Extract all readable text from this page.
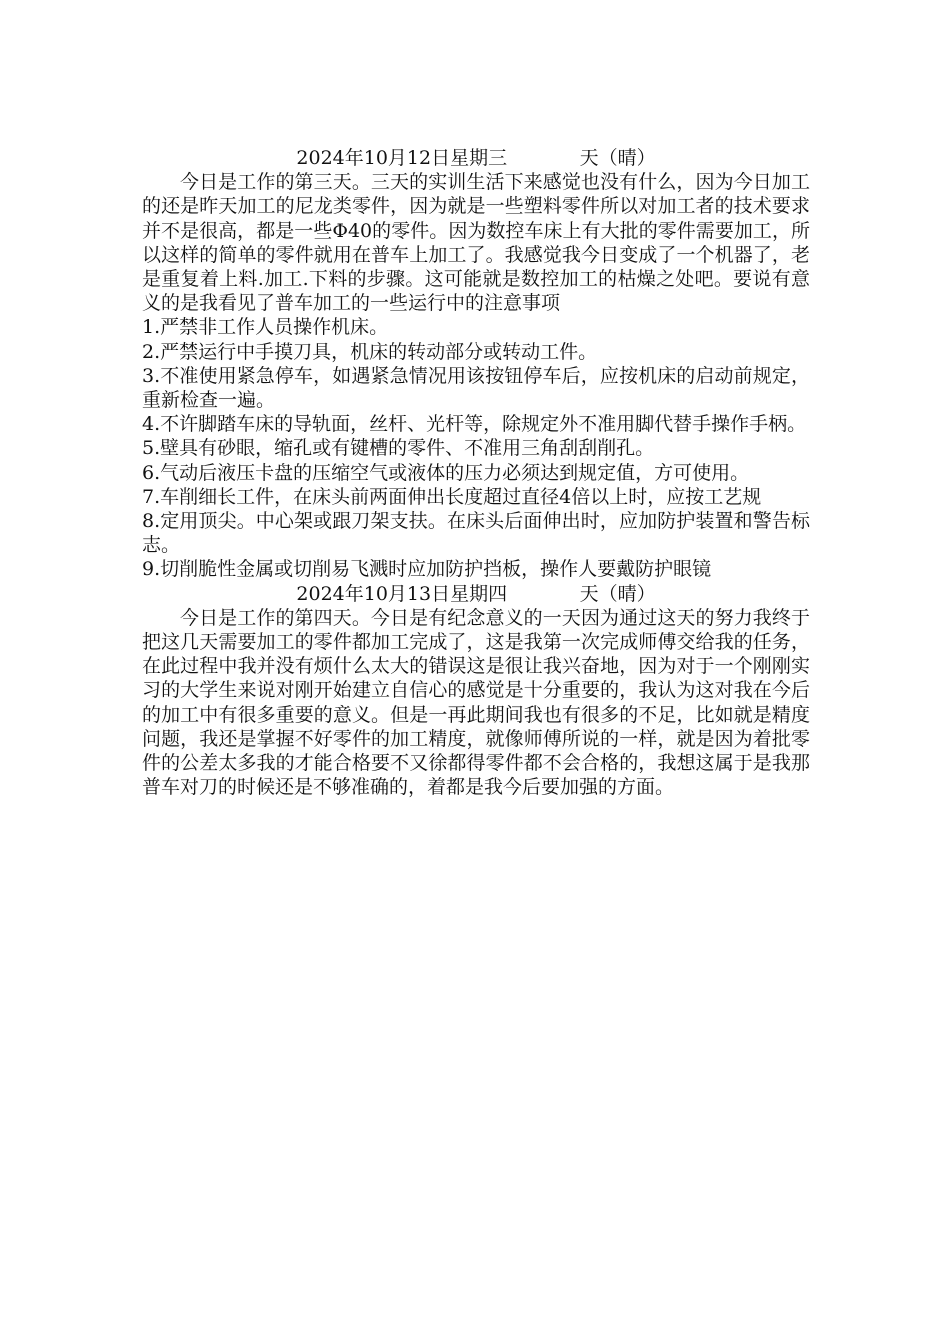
2024年10月12日星期三            天（晴）

今日是工作的第三天。三天的实训生活下来感觉也没有什么，因为今日加工的还是昨天加工的尼龙类零件，因为就是一些塑料零件所以对加工者的技术要求并不是很高，都是一些Φ40的零件。因为数控车床上有大批的零件需要加工，所以这样的简单的零件就用在普车上加工了。我感觉我今日变成了一个机器了，老是重复着上料.加工.下料的步骤。这可能就是数控加工的枯燥之处吧。要说有意义的是我看见了普车加工的一些运行中的注意事项

1.严禁非工作人员操作机床。

2.严禁运行中手摸刀具，机床的转动部分或转动工件。

3.不准使用紧急停车，如遇紧急情况用该按钮停车后，应按机床的启动前规定，重新检查一遍。

4.不许脚踏车床的导轨面，丝杆、光杆等，除规定外不准用脚代替手操作手柄。

5.壁具有砂眼，缩孔或有键槽的零件、不准用三角刮刮削孔。

6.气动后液压卡盘的压缩空气或液体的压力必须达到规定值，方可使用。

7.车削细长工件，在床头前两面伸出长度超过直径4倍以上时，应按工艺规

8.定用顶尖。中心架或跟刀架支扶。在床头后面伸出时，应加防护装置和警告标志。

9.切削脆性金属或切削易飞溅时应加防护挡板，操作人要戴防护眼镜

2024年10月13日星期四            天（晴）

今日是工作的第四天。今日是有纪念意义的一天因为通过这天的努力我终于把这几天需要加工的零件都加工完成了，这是我第一次完成师傅交给我的任务，在此过程中我并没有烦什么太大的错误这是很让我兴奋地，因为对于一个刚刚实习的大学生来说对刚开始建立自信心的感觉是十分重要的，我认为这对我在今后的加工中有很多重要的意义。但是一再此期间我也有很多的不足，比如就是精度问题，我还是掌握不好零件的加工精度，就像师傅所说的一样，就是因为着批零件的公差太多我的才能合格要不又徐都得零件都不会合格的，我想这属于是我那普车对刀的时候还是不够准确的，着都是我今后要加强的方面。
